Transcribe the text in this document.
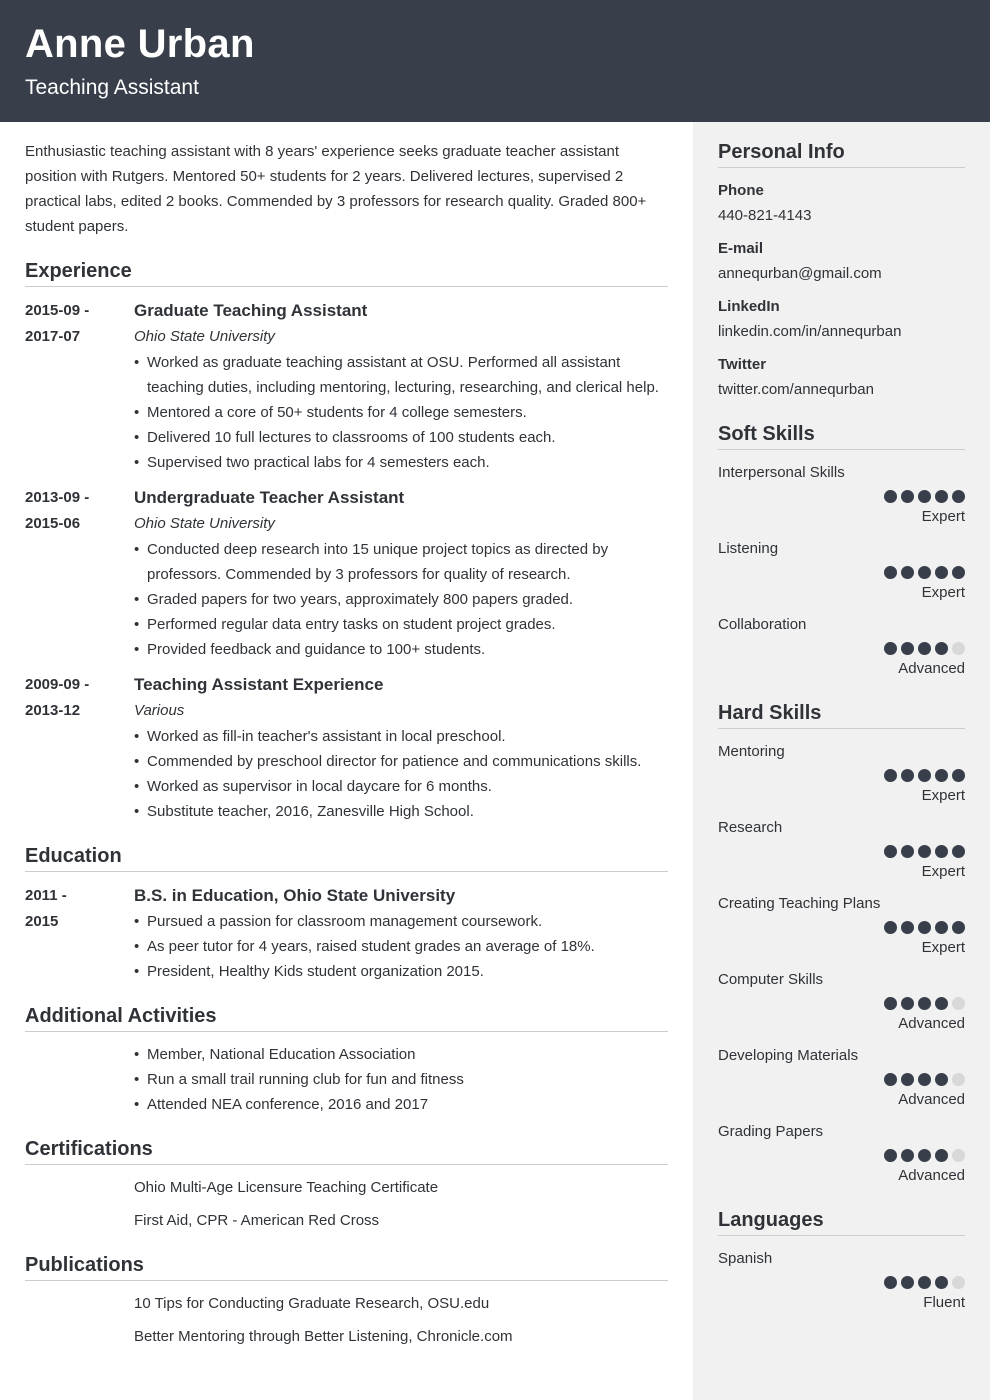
Anne Urban
Teaching Assistant
Personal Info
Phone
440-821-4143
E-mail
annequrban@gmail.com
LinkedIn
linkedin.com/in/annequrban
Twitter
twitter.com/annequrban
Soft Skills
Interpersonal Skills
Expert
Listening
Expert
Collaboration
Advanced
Hard Skills
Mentoring
Expert
Research
Expert
Creating Teaching Plans
Expert
Computer Skills
Advanced
Developing Materials
Advanced
Grading Papers
Advanced
Languages
Spanish
Fluent

Enthusiastic teaching assistant with 8 years' experience seeks graduate teacher assistant position with Rutgers. Mentored 50+ students for 2 years. Delivered lectures, supervised 2 practical labs, edited 2 books. Commended by 3 professors for research quality. Graded 800+ student papers.

Experience
2015-09 -
2017-07
Graduate Teaching Assistant
Ohio State University
• Worked as graduate teaching assistant at OSU. Performed all assistant teaching duties, including mentoring, lecturing, researching, and clerical help.
• Mentored a core of 50+ students for 4 college semesters.
• Delivered 10 full lectures to classrooms of 100 students each.
• Supervised two practical labs for 4 semesters each.
2013-09 -
2015-06
Undergraduate Teacher Assistant
Ohio State University
• Conducted deep research into 15 unique project topics as directed by professors. Commended by 3 professors for quality of research.
• Graded papers for two years, approximately 800 papers graded.
• Performed regular data entry tasks on student project grades.
• Provided feedback and guidance to 100+ students.
2009-09 -
2013-12
Teaching Assistant Experience
Various
• Worked as fill-in teacher's assistant in local preschool.
• Commended by preschool director for patience and communications skills.
• Worked as supervisor in local daycare for 6 months.
• Substitute teacher, 2016, Zanesville High School.
Education
2011 -
2015
B.S. in Education, Ohio State University
• Pursued a passion for classroom management coursework.
• As peer tutor for 4 years, raised student grades an average of 18%.
• President, Healthy Kids student organization 2015.
Additional Activities
• Member, National Education Association
• Run a small trail running club for fun and fitness
• Attended NEA conference, 2016 and 2017
Certifications
Ohio Multi-Age Licensure Teaching Certificate
First Aid, CPR - American Red Cross
Publications
10 Tips for Conducting Graduate Research, OSU.edu
Better Mentoring through Better Listening, Chronicle.com
